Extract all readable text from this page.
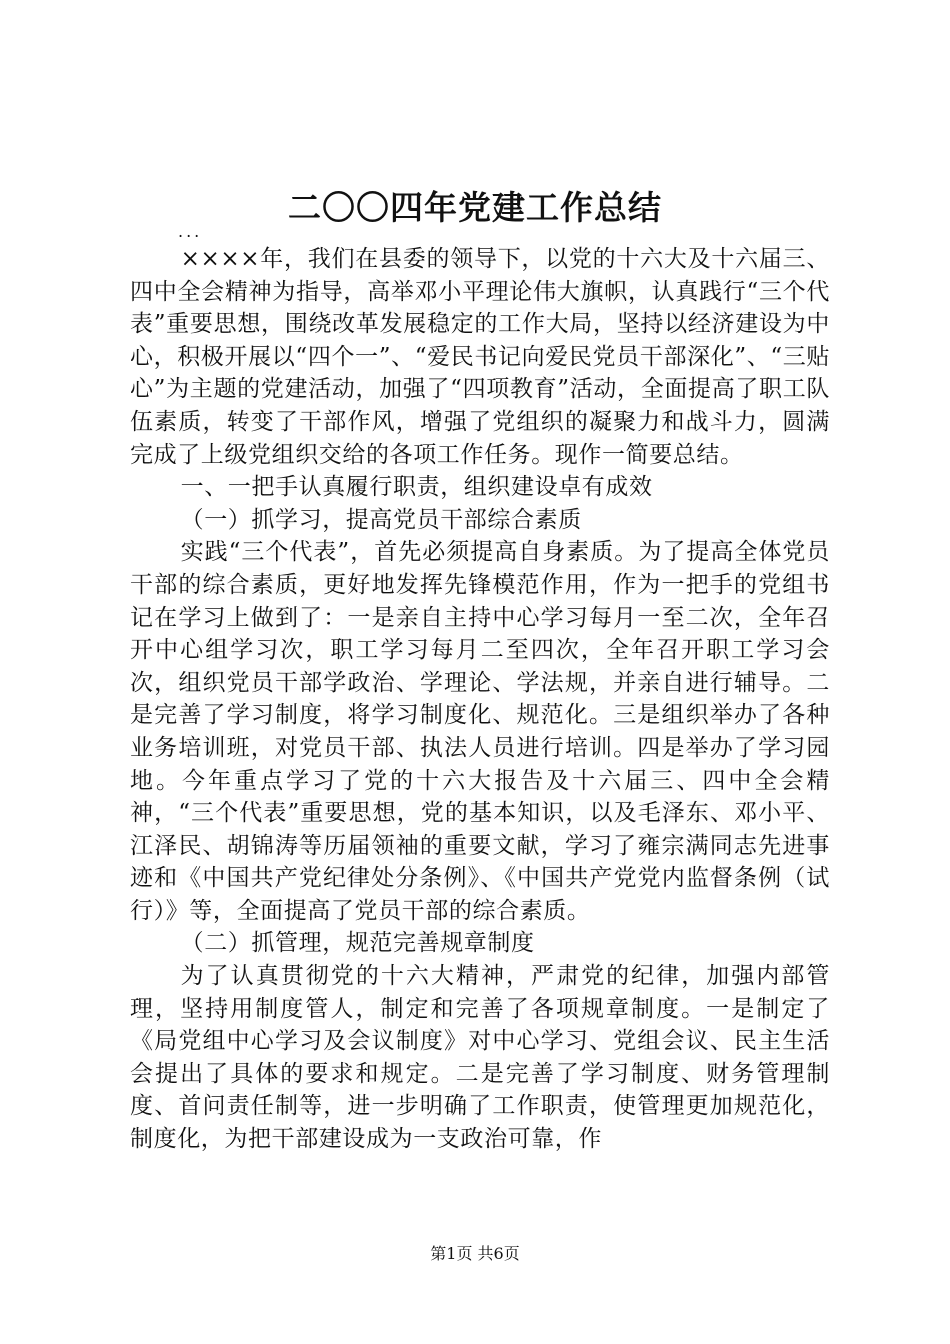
二〇〇四年党建工作总结
...

××××年，我们在县委的领导下，以党的十六大及十六届三、四中全会精神为指导，高举邓小平理论伟大旗帜，认真践行“三个代表”重要思想，围绕改革发展稳定的工作大局，坚持以经济建设为中心，积极开展以“四个一”、“爱民书记向爱民党员干部深化”、“三贴心”为主题的党建活动，加强了“四项教育”活动，全面提高了职工队伍素质，转变了干部作风，增强了党组织的凝聚力和战斗力，圆满完成了上级党组织交给的各项工作任务。现作一简要总结。

一、一把手认真履行职责，组织建设卓有成效

（一）抓学习，提高党员干部综合素质

实践“三个代表”，首先必须提高自身素质。为了提高全体党员干部的综合素质，更好地发挥先锋模范作用，作为一把手的党组书记在学习上做到了：一是亲自主持中心学习每月一至二次，全年召开中心组学习次，职工学习每月二至四次，全年召开职工学习会次，组织党员干部学政治、学理论、学法规，并亲自进行辅导。二是完善了学习制度，将学习制度化、规范化。三是组织举办了各种业务培训班，对党员干部、执法人员进行培训。四是举办了学习园地。今年重点学习了党的十六大报告及十六届三、四中全会精神，“三个代表”重要思想，党的基本知识，以及毛泽东、邓小平、江泽民、胡锦涛等历届领袖的重要文献，学习了雍宗满同志先进事迹和《中国共产党纪律处分条例》、《中国共产党党内监督条例（试行）》等，全面提高了党员干部的综合素质。

（二）抓管理，规范完善规章制度

为了认真贯彻党的十六大精神，严肃党的纪律，加强内部管理，坚持用制度管人，制定和完善了各项规章制度。一是制定了《局党组中心学习及会议制度》对中心学习、党组会议、民主生活会提出了具体的要求和规定。二是完善了学习制度、财务管理制度、首问责任制等，进一步明确了工作职责，使管理更加规范化，制度化，为把干部建设成为一支政治可靠，作

第1页 共6页
